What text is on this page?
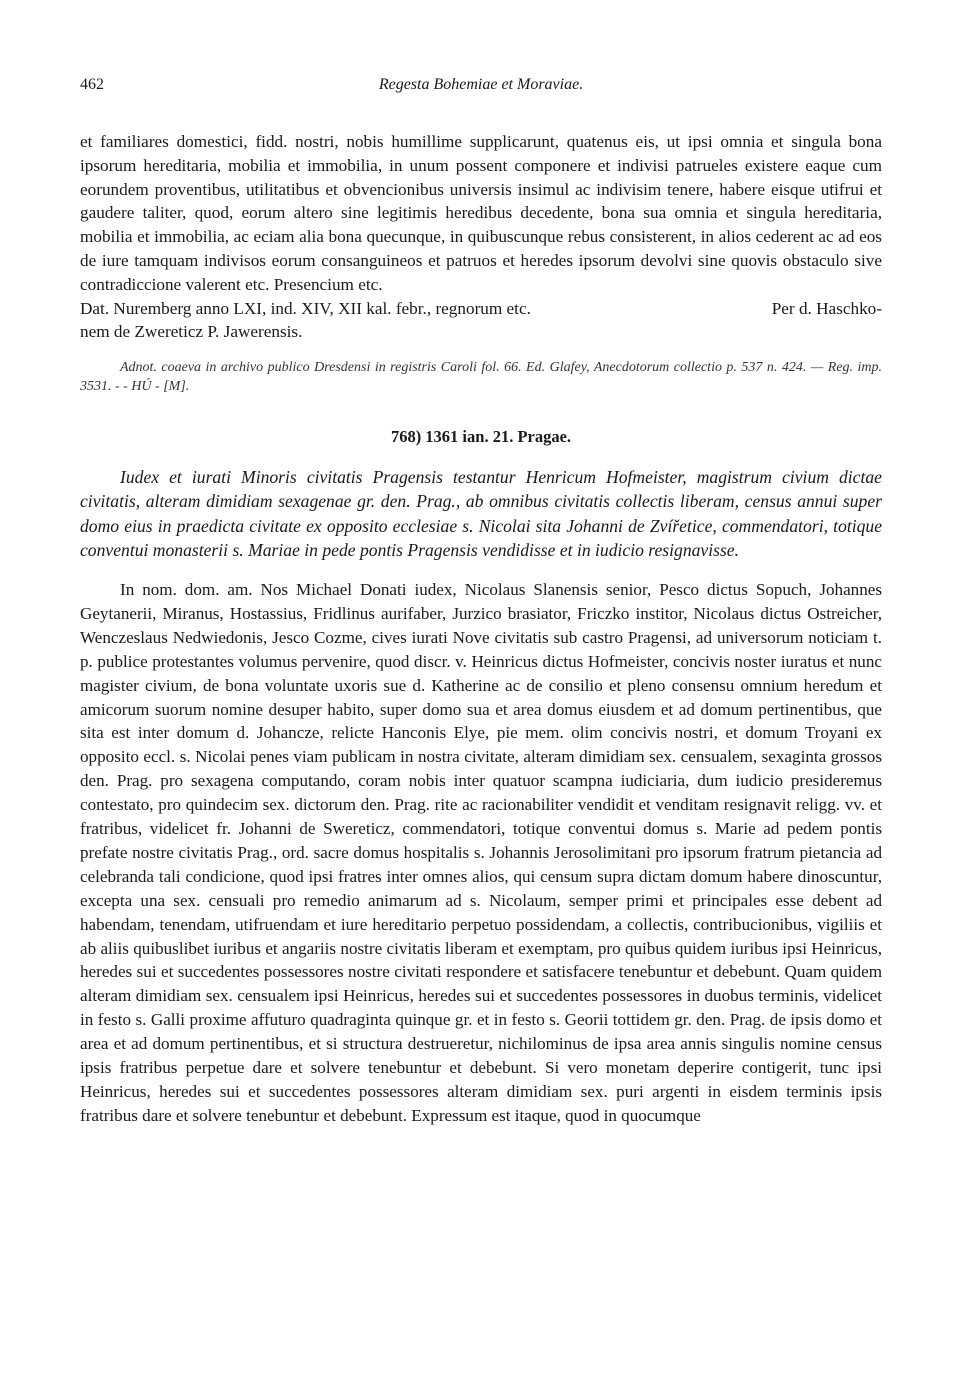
462	Regesta Bohemiae et Moraviae.

et familiares domestici, fidd. nostri, nobis humillime supplicarunt, quatenus eis, ut ipsi omnia et singula bona ipsorum hereditaria, mobilia et immobilia, in unum possent componere et indivisi patrueles existere eaque cum eorundem proventibus, utilitatibus et obvencionibus universis insimul ac indivisim tenere, habere eisque utifrui et gaudere taliter, quod, eorum altero sine legitimis heredibus decedente, bona sua omnia et singula hereditaria, mobilia et immobilia, ac eciam alia bona quecunque, in quibuscunque rebus consisterent, in alios cederent ac ad eos de iure tamquam indivisos eorum consanguineos et patruos et heredes ipsorum devolvi sine quovis obstaculo sive contradiccione valerent etc. Presencium etc.

Dat. Nuremberg anno LXI, ind. XIV, XII kal. febr., regnorum etc.	Per d. Haschko-

nem de Zwereticz P. Jawerensis.

Adnot. coaeva in archivo publico Dresdensi in registris Caroli fol. 66. Ed. Glafey, Anecdotorum collectio p. 537 n. 424. — Reg. imp. 3531. - - HÚ - [M].

768) 1361 ian. 21. Pragae.

Iudex et iurati Minoris civitatis Pragensis testantur Henricum Hofmeister, magistrum civium dictae civitatis, alteram dimidiam sexagenae gr. den. Prag., ab omnibus civitatis collectis liberam, census annui super domo eius in praedicta civitate ex opposito ecclesiae s. Nicolai sita Johanni de Zvířetice, commendatori, totique conventui monasterii s. Mariae in pede pontis Pragensis vendidisse et in iudicio resignavisse.

In nom. dom. am. Nos Michael Donati iudex, Nicolaus Slanensis senior, Pesco dictus Sopuch, Johannes Geytanerii, Miranus, Hostassius, Fridlinus aurifaber, Jurzico brasiator, Friczko institor, Nicolaus dictus Ostreicher, Wenczeslaus Nedwiedonis, Jesco Cozme, cives iurati Nove civitatis sub castro Pragensi, ad universorum noticiam t. p. publice protestantes volumus pervenire, quod discr. v. Heinricus dictus Hofmeister, concivis noster iuratus et nunc magister civium, de bona voluntate uxoris sue d. Katherine ac de consilio et pleno consensu omnium heredum et amicorum suorum nomine desuper habito, super domo sua et area domus eiusdem et ad domum pertinentibus, que sita est inter domum d. Johancze, relicte Hanconis Elye, pie mem. olim concivis nostri, et domum Troyani ex opposito eccl. s. Nicolai penes viam publicam in nostra civitate, alteram dimidiam sex. censualem, sexaginta grossos den. Prag. pro sexagena computando, coram nobis inter quatuor scampna iudiciaria, dum iudicio presideremus contestato, pro quindecim sex. dictorum den. Prag. rite ac racionabiliter vendidit et venditam resignavit religg. vv. et fratribus, videlicet fr. Johanni de Swereticz, commendatori, totique conventui domus s. Marie ad pedem pontis prefate nostre civitatis Prag., ord. sacre domus hospitalis s. Johannis Jerosolimitani pro ipsorum fratrum pietancia ad celebranda tali condicione, quod ipsi fratres inter omnes alios, qui censum supra dictam domum habere dinoscuntur, excepta una sex. censuali pro remedio animarum ad s. Nicolaum, semper primi et principales esse debent ad habendam, tenendam, utifruendam et iure hereditario perpetuo possidendam, a collectis, contribucionibus, vigiliis et ab aliis quibuslibet iuribus et angariis nostre civitatis liberam et exemptam, pro quibus quidem iuribus ipsi Heinricus, heredes sui et succedentes possessores nostre civitati respondere et satisfacere tenebuntur et debebunt. Quam quidem alteram dimidiam sex. censualem ipsi Heinricus, heredes sui et succedentes possessores in duobus terminis, videlicet in festo s. Galli proxime affuturo quadraginta quinque gr. et in festo s. Georii tottidem gr. den. Prag. de ipsis domo et area et ad domum pertinentibus, et si structura destrueretur, nichilominus de ipsa area annis singulis nomine census ipsis fratribus perpetue dare et solvere tenebuntur et debebunt. Si vero monetam deperire contigerit, tunc ipsi Heinricus, heredes sui et succedentes possessores alteram dimidiam sex. puri argenti in eisdem terminis ipsis fratribus dare et solvere tenebuntur et debebunt. Expressum est itaque, quod in quocumque
